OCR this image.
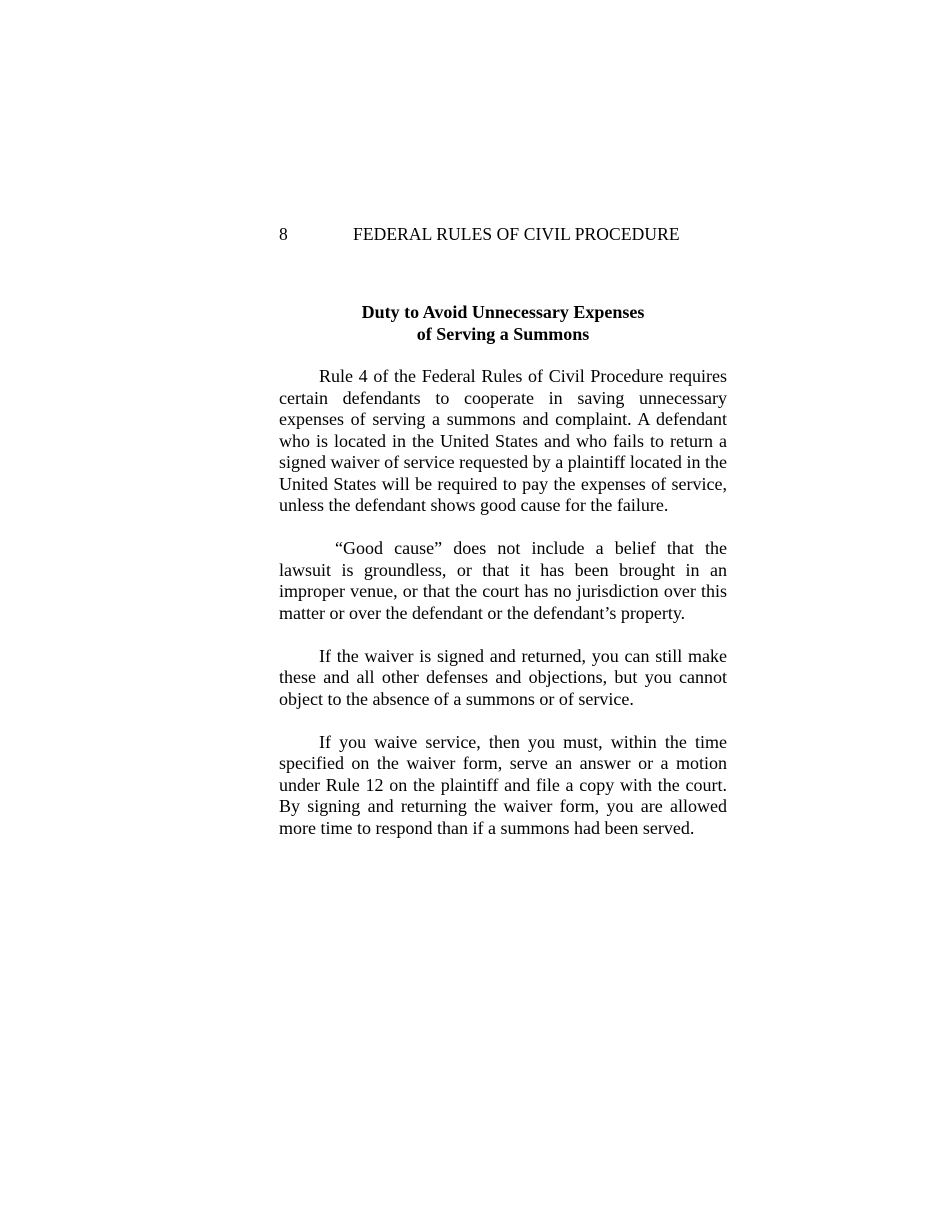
8	FEDERAL RULES OF CIVIL PROCEDURE
Duty to Avoid Unnecessary Expenses
of Serving a Summons

Rule 4 of the Federal Rules of Civil Procedure requires certain defendants to cooperate in saving unnecessary expenses of serving a summons and complaint. A defendant who is located in the United States and who fails to return a signed waiver of service requested by a plaintiff located in the United States will be required to pay the expenses of service, unless the defendant shows good cause for the failure.

“Good cause” does not include a belief that the lawsuit is groundless, or that it has been brought in an improper venue, or that the court has no jurisdiction over this matter or over the defendant or the defendant’s property.

If the waiver is signed and returned, you can still make these and all other defenses and objections, but you cannot object to the absence of a summons or of service.

If you waive service, then you must, within the time specified on the waiver form, serve an answer or a motion under Rule 12 on the plaintiff and file a copy with the court. By signing and returning the waiver form, you are allowed more time to respond than if a summons had been served.
